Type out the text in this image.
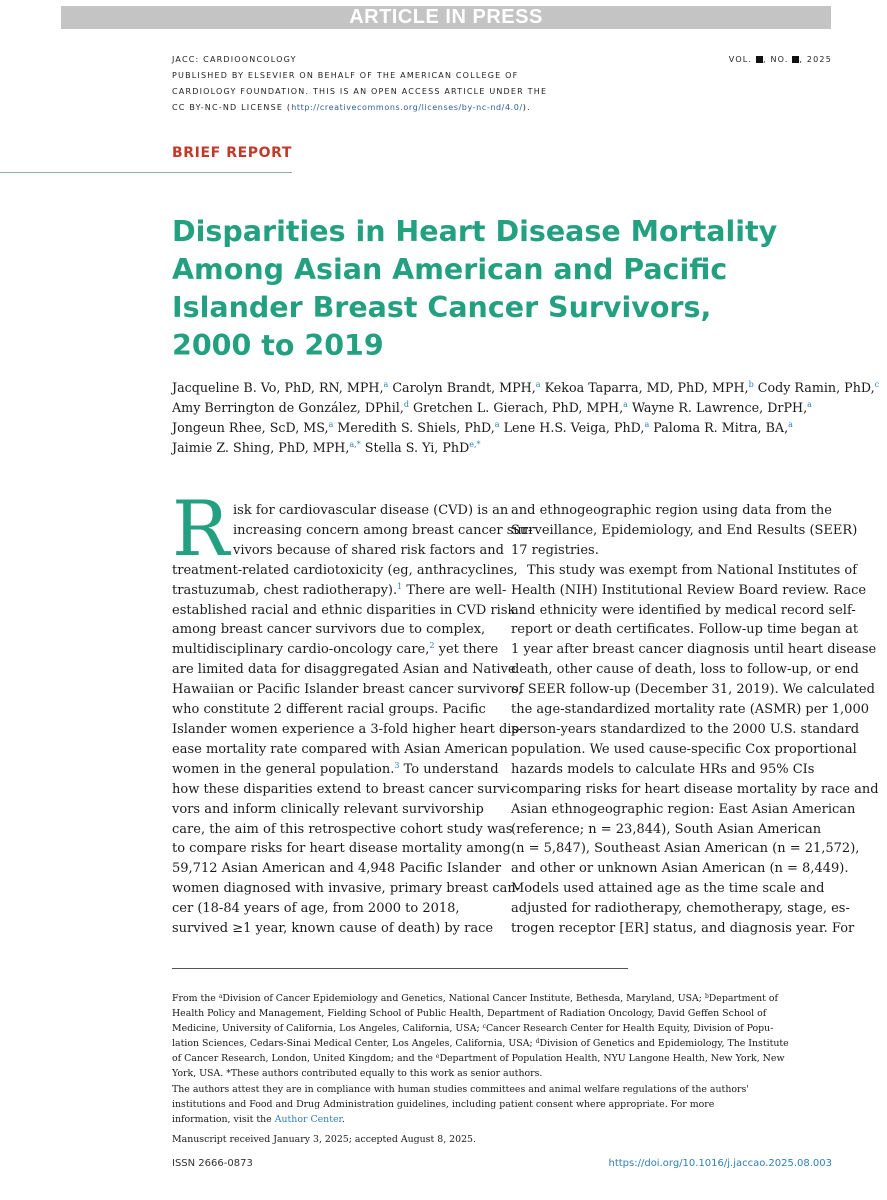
ARTICLE IN PRESS
JACC: CARDIOONCOLOGY
PUBLISHED BY ELSEVIER ON BEHALF OF THE AMERICAN COLLEGE OF
CARDIOLOGY FOUNDATION. THIS IS AN OPEN ACCESS ARTICLE UNDER THE
CC BY-NC-ND LICENSE (http://creativecommons.org/licenses/by-nc-nd/4.0/).
VOL. , NO. , 2025
BRIEF REPORT
Disparities in Heart Disease Mortality
Among Asian American and Pacific
Islander Breast Cancer Survivors,
2000 to 2019
Jacqueline B. Vo, PhD, RN, MPH,$^a$ Carolyn Brandt, MPH,$^a$ Kekoa Taparra, MD, PhD, MPH,$^b$ Cody Ramin, PhD,$^c$
Amy Berrington de González, DPhil,$^d$ Gretchen L. Gierach, PhD, MPH,$^a$ Wayne R. Lawrence, DrPH,$^a$
Jongeun Rhee, ScD, MS,$^a$ Meredith S. Shiels, PhD,$^a$ Lene H.S. Veiga, PhD,$^a$ Paloma R. Mitra, BA,$^a$
Jaimie Z. Shing, PhD, MPH,$^{a,*}$ Stella S. Yi, PhD$^{e,*}$
R isk for cardiovascular disease (CVD) is an
increasing concern among breast cancer sur-
vivors because of shared risk factors and
treatment-related cardiotoxicity (eg, anthracyclines,
trastuzumab, chest radiotherapy).$^1$ There are well-
established racial and ethnic disparities in CVD risk
among breast cancer survivors due to complex,
multidisciplinary cardio-oncology care,$^2$ yet there
are limited data for disaggregated Asian and Native
Hawaiian or Pacific Islander breast cancer survivors,
who constitute 2 different racial groups. Pacific
Islander women experience a 3-fold higher heart dis-
ease mortality rate compared with Asian American
women in the general population.$^3$ To understand
how these disparities extend to breast cancer survi-
vors and inform clinically relevant survivorship
care, the aim of this retrospective cohort study was
to compare risks for heart disease mortality among
59,712 Asian American and 4,948 Pacific Islander
women diagnosed with invasive, primary breast can-
cer (18-84 years of age, from 2000 to 2018,
survived ≥1 year, known cause of death) by race
and ethnogeographic region using data from the
Surveillance, Epidemiology, and End Results (SEER)
17 registries.
This study was exempt from National Institutes of
Health (NIH) Institutional Review Board review. Race
and ethnicity were identified by medical record self-
report or death certificates. Follow-up time began at
1 year after breast cancer diagnosis until heart disease
death, other cause of death, loss to follow-up, or end
of SEER follow-up (December 31, 2019). We calculated
the age-standardized mortality rate (ASMR) per 1,000
person-years standardized to the 2000 U.S. standard
population. We used cause-specific Cox proportional
hazards models to calculate HRs and 95% CIs
comparing risks for heart disease mortality by race and
Asian ethnogeographic region: East Asian American
(reference; n = 23,844), South Asian American
(n = 5,847), Southeast Asian American (n = 21,572),
and other or unknown Asian American (n = 8,449).
Models used attained age as the time scale and
adjusted for radiotherapy, chemotherapy, stage, es-
trogen receptor [ER] status, and diagnosis year. For
From the $^a$Division of Cancer Epidemiology and Genetics, National Cancer Institute, Bethesda, Maryland, USA; $^b$Department of
Health Policy and Management, Fielding School of Public Health, Department of Radiation Oncology, David Geffen School of
Medicine, University of California, Los Angeles, California, USA; $^c$Cancer Research Center for Health Equity, Division of Popu-
lation Sciences, Cedars-Sinai Medical Center, Los Angeles, California, USA; $^d$Division of Genetics and Epidemiology, The Institute
of Cancer Research, London, United Kingdom; and the $^e$Department of Population Health, NYU Langone Health, New York, New
York, USA. *These authors contributed equally to this work as senior authors.
The authors attest they are in compliance with human studies committees and animal welfare regulations of the authors'
institutions and Food and Drug Administration guidelines, including patient consent where appropriate. For more
information, visit the Author Center.
Manuscript received January 3, 2025; accepted August 8, 2025.
ISSN 2666-0873	https://doi.org/10.1016/j.jaccao.2025.08.003
